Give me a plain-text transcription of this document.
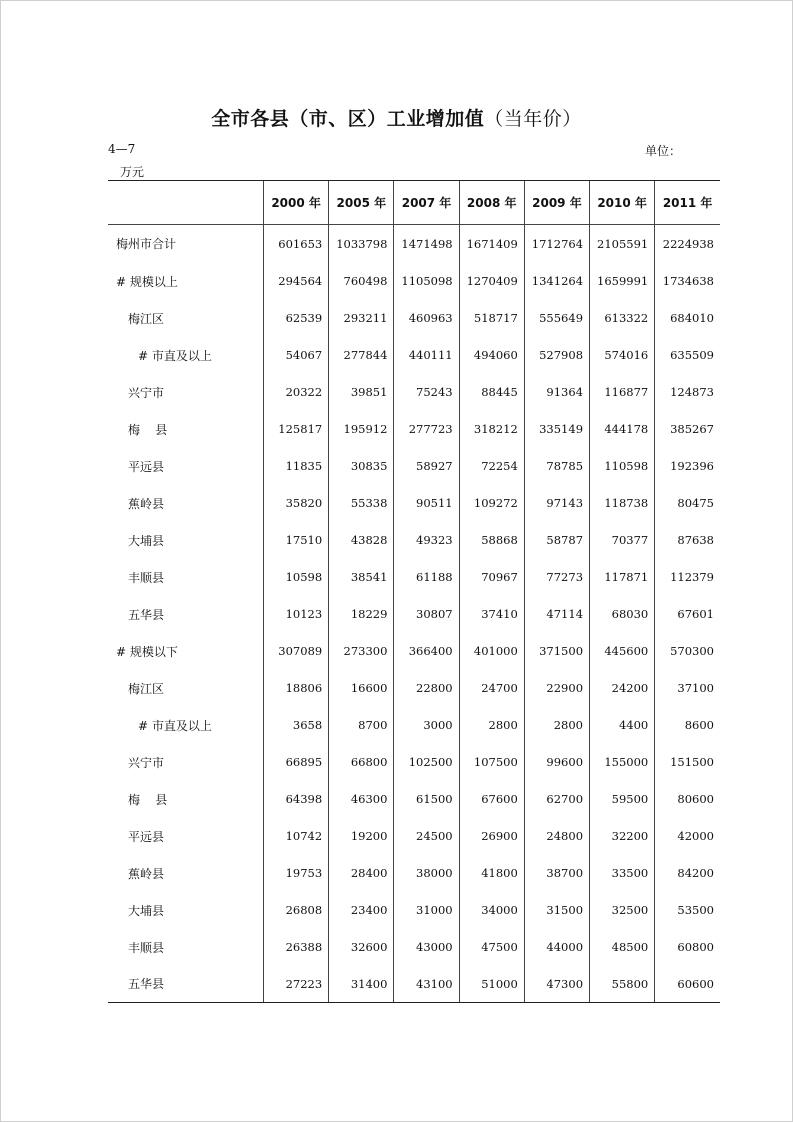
全市各县（市、区）工业增加值（当年价）
4—7	单位：
万元
	2000 年	2005 年	2007 年	2008 年	2009 年	2010 年	2011 年
梅州市合计	601653	1033798	1471498	1671409	1712764	2105591	2224938
# 规模以上	294564	760498	1105098	1270409	1341264	1659991	1734638
梅江区	62539	293211	460963	518717	555649	613322	684010
# 市直及以上	54067	277844	440111	494060	527908	574016	635509
兴宁市	20322	39851	75243	88445	91364	116877	124873
梅    县	125817	195912	277723	318212	335149	444178	385267
平远县	11835	30835	58927	72254	78785	110598	192396
蕉岭县	35820	55338	90511	109272	97143	118738	80475
大埔县	17510	43828	49323	58868	58787	70377	87638
丰顺县	10598	38541	61188	70967	77273	117871	112379
五华县	10123	18229	30807	37410	47114	68030	67601
# 规模以下	307089	273300	366400	401000	371500	445600	570300
梅江区	18806	16600	22800	24700	22900	24200	37100
# 市直及以上	3658	8700	3000	2800	2800	4400	8600
兴宁市	66895	66800	102500	107500	99600	155000	151500
梅    县	64398	46300	61500	67600	62700	59500	80600
平远县	10742	19200	24500	26900	24800	32200	42000
蕉岭县	19753	28400	38000	41800	38700	33500	84200
大埔县	26808	23400	31000	34000	31500	32500	53500
丰顺县	26388	32600	43000	47500	44000	48500	60800
五华县	27223	31400	43100	51000	47300	55800	60600
